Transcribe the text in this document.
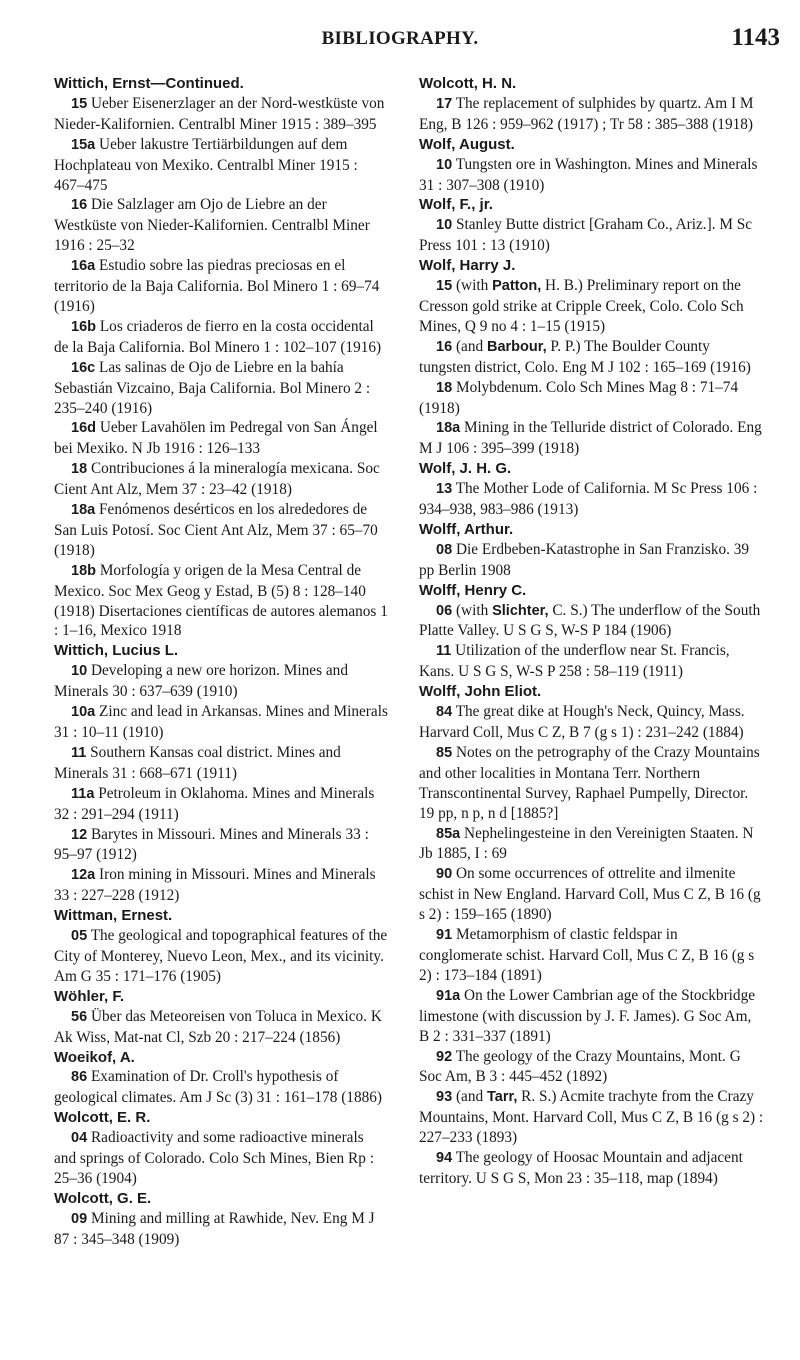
BIBLIOGRAPHY.	1143
Wittich, Ernst—Continued.
15 Ueber Eisenerzlager an der Nord-westküste von Nieder-Kalifornien. Centralbl Miner 1915 : 389–395
15a Ueber lakustre Tertiärbildungen auf dem Hochplateau von Mexiko. Centralbl Miner 1915 : 467–475
16 Die Salzlager am Ojo de Liebre an der Westküste von Nieder-Kalifornien. Centralbl Miner 1916 : 25–32
16a Estudio sobre las piedras preciosas en el territorio de la Baja California. Bol Minero 1 : 69–74 (1916)
16b Los criaderos de fierro en la costa occidental de la Baja California. Bol Minero 1 : 102–107 (1916)
16c Las salinas de Ojo de Liebre en la bahía Sebastián Vizcaino, Baja California. Bol Minero 2 : 235–240 (1916)
16d Ueber Lavahölen im Pedregal von San Ángel bei Mexiko. N Jb 1916 : 126–133
18 Contribuciones á la mineralogía mexicana. Soc Cient Ant Alz, Mem 37 : 23–42 (1918)
18a Fenómenos desérticos en los alrededores de San Luis Potosí. Soc Cient Ant Alz, Mem 37 : 65–70 (1918)
18b Morfología y origen de la Mesa Central de Mexico. Soc Mex Geog y Estad, B (5) 8 : 128–140 (1918) Disertaciones científicas de autores alemanos 1 : 1–16, Mexico 1918
Wittich, Lucius L.
10 Developing a new ore horizon. Mines and Minerals 30 : 637–639 (1910)
10a Zinc and lead in Arkansas. Mines and Minerals 31 : 10–11 (1910)
11 Southern Kansas coal district. Mines and Minerals 31 : 668–671 (1911)
11a Petroleum in Oklahoma. Mines and Minerals 32 : 291–294 (1911)
12 Barytes in Missouri. Mines and Minerals 33 : 95–97 (1912)
12a Iron mining in Missouri. Mines and Minerals 33 : 227–228 (1912)
Wittman, Ernest.
05 The geological and topographical features of the City of Monterey, Nuevo Leon, Mex., and its vicinity. Am G 35 : 171–176 (1905)
Wöhler, F.
56 Über das Meteoreisen von Toluca in Mexico. K Ak Wiss, Mat-nat Cl, Szb 20 : 217–224 (1856)
Woeikof, A.
86 Examination of Dr. Croll's hypothesis of geological climates. Am J Sc (3) 31 : 161–178 (1886)
Wolcott, E. R.
04 Radioactivity and some radioactive minerals and springs of Colorado. Colo Sch Mines, Bien Rp : 25–36 (1904)
Wolcott, G. E.
09 Mining and milling at Rawhide, Nev. Eng M J 87 : 345–348 (1909)
Wolcott, H. N.
17 The replacement of sulphides by quartz. Am I M Eng, B 126 : 959–962 (1917) ; Tr 58 : 385–388 (1918)
Wolf, August.
10 Tungsten ore in Washington. Mines and Minerals 31 : 307–308 (1910)
Wolf, F., jr.
10 Stanley Butte district [Graham Co., Ariz.]. M Sc Press 101 : 13 (1910)
Wolf, Harry J.
15 (with Patton, H. B.) Preliminary report on the Cresson gold strike at Cripple Creek, Colo. Colo Sch Mines, Q 9 no 4 : 1–15 (1915)
16 (and Barbour, P. P.) The Boulder County tungsten district, Colo. Eng M J 102 : 165–169 (1916)
18 Molybdenum. Colo Sch Mines Mag 8 : 71–74 (1918)
18a Mining in the Telluride district of Colorado. Eng M J 106 : 395–399 (1918)
Wolf, J. H. G.
13 The Mother Lode of California. M Sc Press 106 : 934–938, 983–986 (1913)
Wolff, Arthur.
08 Die Erdbeben-Katastrophe in San Franzisko. 39 pp Berlin 1908
Wolff, Henry C.
06 (with Slichter, C. S.) The underflow of the South Platte Valley. U S G S, W-S P 184 (1906)
11 Utilization of the underflow near St. Francis, Kans. U S G S, W-S P 258 : 58–119 (1911)
Wolff, John Eliot.
84 The great dike at Hough's Neck, Quincy, Mass. Harvard Coll, Mus C Z, B 7 (g s 1) : 231–242 (1884)
85 Notes on the petrography of the Crazy Mountains and other localities in Montana Terr. Northern Transcontinental Survey, Raphael Pumpelly, Director. 19 pp, n p, n d [1885?]
85a Nephelingesteine in den Vereinigten Staaten. N Jb 1885, I : 69
90 On some occurrences of ottrelite and ilmenite schist in New England. Harvard Coll, Mus C Z, B 16 (g s 2) : 159–165 (1890)
91 Metamorphism of clastic feldspar in conglomerate schist. Harvard Coll, Mus C Z, B 16 (g s 2) : 173–184 (1891)
91a On the Lower Cambrian age of the Stockbridge limestone (with discussion by J. F. James). G Soc Am, B 2 : 331–337 (1891)
92 The geology of the Crazy Mountains, Mont. G Soc Am, B 3 : 445–452 (1892)
93 (and Tarr, R. S.) Acmite trachyte from the Crazy Mountains, Mont. Harvard Coll, Mus C Z, B 16 (g s 2) : 227–233 (1893)
94 The geology of Hoosac Mountain and adjacent territory. U S G S, Mon 23 : 35–118, map (1894)
